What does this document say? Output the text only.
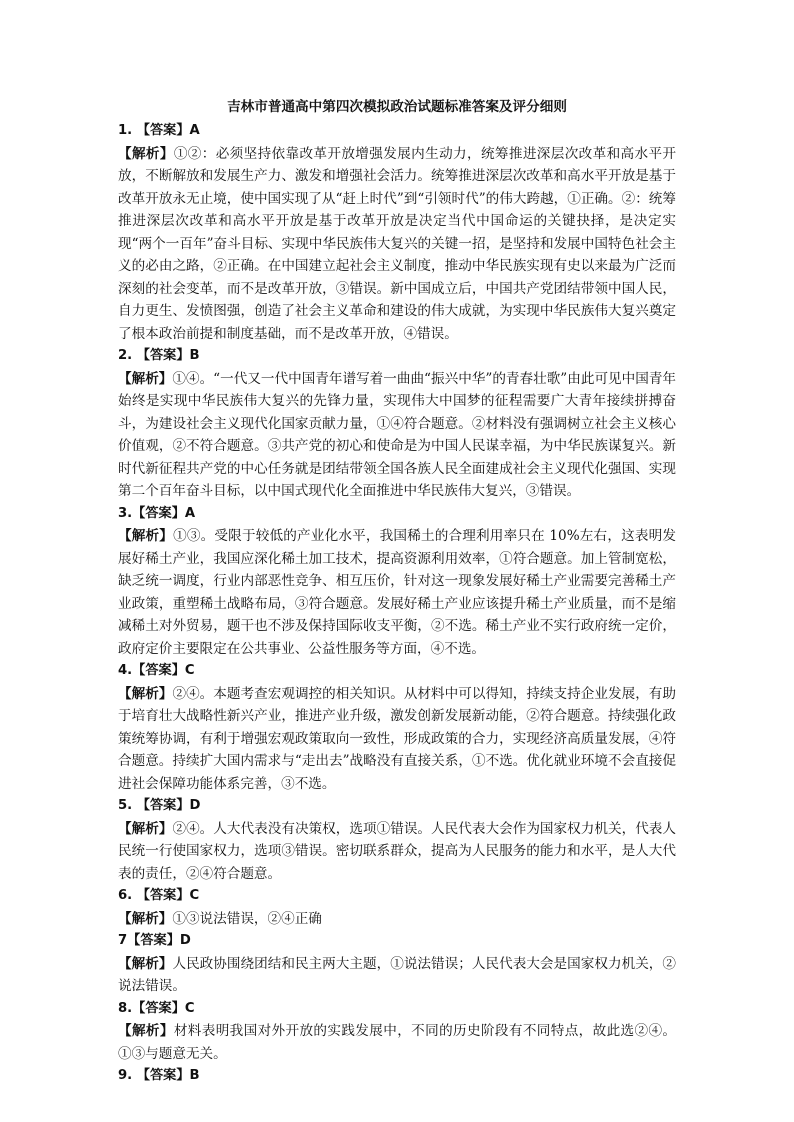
吉林市普通高中第四次模拟政治试题标准答案及评分细则
1. 【答案】A
【解析】①②：必须坚持依靠改革开放增强发展内生动力，统筹推进深层次改革和高水平开放，不断解放和发展生产力、激发和增强社会活力。统筹推进深层次改革和高水平开放是基于改革开放永无止境，使中国实现了从“赶上时代”到“引领时代”的伟大跨越，①正确。②：统筹推进深层次改革和高水平开放是基于改革开放是决定当代中国命运的关键抉择，是决定实现“两个一百年”奋斗目标、实现中华民族伟大复兴的关键一招，是坚持和发展中国特色社会主义的必由之路，②正确。在中国建立起社会主义制度，推动中华民族实现有史以来最为广泛而深刻的社会变革，而不是改革开放，③错误。新中国成立后，中国共产党团结带领中国人民，自力更生、发愤图强，创造了社会主义革命和建设的伟大成就，为实现中华民族伟大复兴奠定了根本政治前提和制度基础，而不是改革开放，④错误。
2. 【答案】B
【解析】①④。“一代又一代中国青年谱写着一曲曲“振兴中华”的青春壮歌”由此可见中国青年始终是实现中华民族伟大复兴的先锋力量，实现伟大中国梦的征程需要广大青年接续拼搏奋斗，为建设社会主义现代化国家贡献力量，①④符合题意。②材料没有强调树立社会主义核心价值观，②不符合题意。③共产党的初心和使命是为中国人民谋幸福，为中华民族谋复兴。新时代新征程共产党的中心任务就是团结带领全国各族人民全面建成社会主义现代化强国、实现第二个百年奋斗目标，以中国式现代化全面推进中华民族伟大复兴，③错误。
3.【答案】A
【解析】①③。受限于较低的产业化水平，我国稀土的合理利用率只在 10%左右，这表明发展好稀土产业，我国应深化稀土加工技术，提高资源利用效率，①符合题意。加上管制宽松，缺乏统一调度，行业内部恶性竞争、相互压价，针对这一现象发展好稀土产业需要完善稀土产业政策，重塑稀土战略布局，③符合题意。发展好稀土产业应该提升稀土产业质量，而不是缩减稀土对外贸易，题干也不涉及保持国际收支平衡，②不选。稀土产业不实行政府统一定价，政府定价主要限定在公共事业、公益性服务等方面，④不选。
4.【答案】C
【解析】②④。本题考查宏观调控的相关知识。从材料中可以得知，持续支持企业发展，有助于培育壮大战略性新兴产业，推进产业升级，激发创新发展新动能，②符合题意。持续强化政策统筹协调，有利于增强宏观政策取向一致性，形成政策的合力，实现经济高质量发展，④符合题意。持续扩大国内需求与“走出去”战略没有直接关系，①不选。优化就业环境不会直接促进社会保障功能体系完善，③不选。
5. 【答案】D
【解析】②④。人大代表没有决策权，选项①错误。人民代表大会作为国家权力机关，代表人民统一行使国家权力，选项③错误。密切联系群众，提高为人民服务的能力和水平，是人大代表的责任，②④符合题意。
6. 【答案】C
【解析】①③说法错误，②④正确
7【答案】D
【解析】人民政协围绕团结和民主两大主题，①说法错误；人民代表大会是国家权力机关，②说法错误。
8.【答案】C
【解析】材料表明我国对外开放的实践发展中，不同的历史阶段有不同特点，故此选②④。①③与题意无关。
9. 【答案】B
